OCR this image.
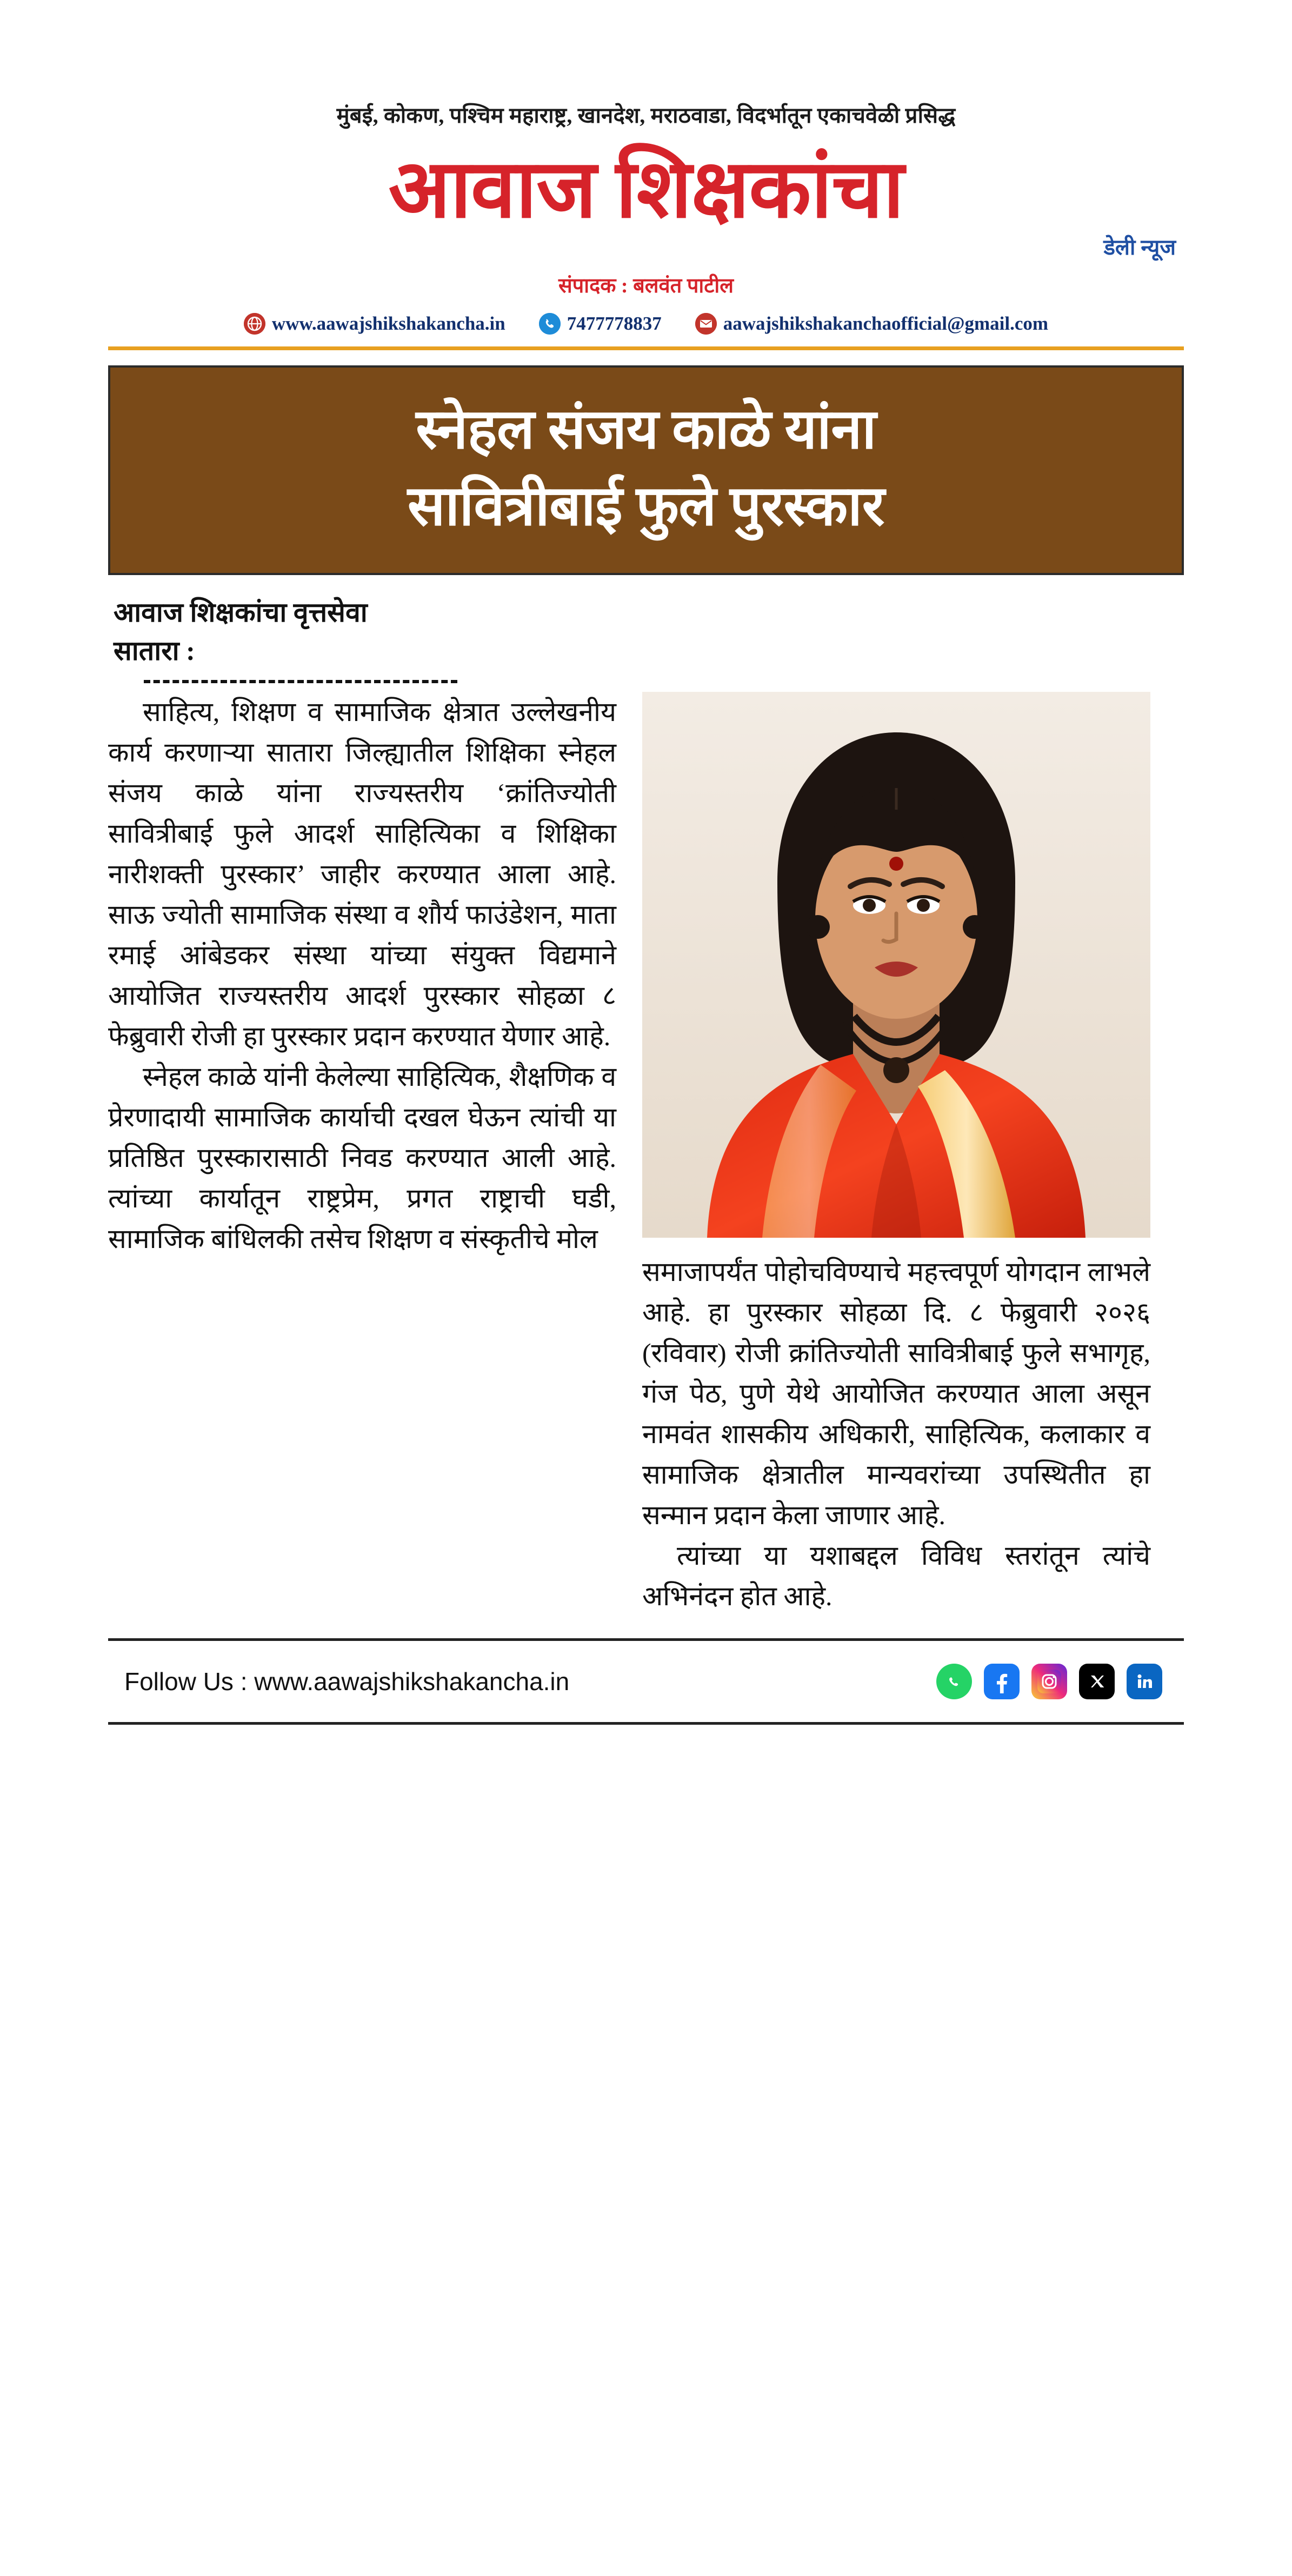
मुंबई, कोकण, पश्चिम महाराष्ट्र, खानदेश, मराठवाडा, विदर्भातून एकाचवेळी प्रसिद्ध
आवाज शिक्षकांचा
डेली न्यूज
संपादक : बलवंत पाटील
www.aawajshikshakancha.in	7477778837	aawajshikshakanchaofficial@gmail.com
स्नेहल संजय काळे यांना
सावित्रीबाई फुले पुरस्कार
आवाज शिक्षकांचा वृत्तसेवा
सातारा :

साहित्य, शिक्षण व सामाजिक क्षेत्रात उल्लेखनीय कार्य करणाऱ्या सातारा जिल्ह्यातील शिक्षिका स्नेहल संजय काळे यांना राज्यस्तरीय ‘क्रांतिज्योती सावित्रीबाई फुले आदर्श साहित्यिका व शिक्षिका नारीशक्ती पुरस्कार’ जाहीर करण्यात आला आहे. साऊ ज्योती सामाजिक संस्था व शौर्य फाउंडेशन, माता रमाई आंबेडकर संस्था यांच्या संयुक्त विद्यमाने आयोजित राज्यस्तरीय आदर्श पुरस्कार सोहळा ८ फेब्रुवारी रोजी हा पुरस्कार प्रदान करण्यात येणार आहे.

स्नेहल काळे यांनी केलेल्या साहित्यिक, शैक्षणिक व प्रेरणादायी सामाजिक कार्याची दखल घेऊन त्यांची या प्रतिष्ठित पुरस्कारासाठी निवड करण्यात आली आहे. त्यांच्या कार्यातून राष्ट्रप्रेम, प्रगत राष्ट्राची घडी, सामाजिक बांधिलकी तसेच शिक्षण व संस्कृतीचे मोल

समाजापर्यंत पोहोचविण्याचे महत्त्वपूर्ण योगदान लाभले आहे. हा पुरस्कार सोहळा दि. ८ फेब्रुवारी २०२६ (रविवार) रोजी क्रांतिज्योती सावित्रीबाई फुले सभागृह, गंज पेठ, पुणे येथे आयोजित करण्यात आला असून नामवंत शासकीय अधिकारी, साहित्यिक, कलाकार व सामाजिक क्षेत्रातील मान्यवरांच्या उपस्थितीत हा सन्मान प्रदान केला जाणार आहे.

त्यांच्या या यशाबद्दल विविध स्तरांतून त्यांचे अभिनंदन होत आहे.

Follow Us : www.aawajshikshakancha.in
